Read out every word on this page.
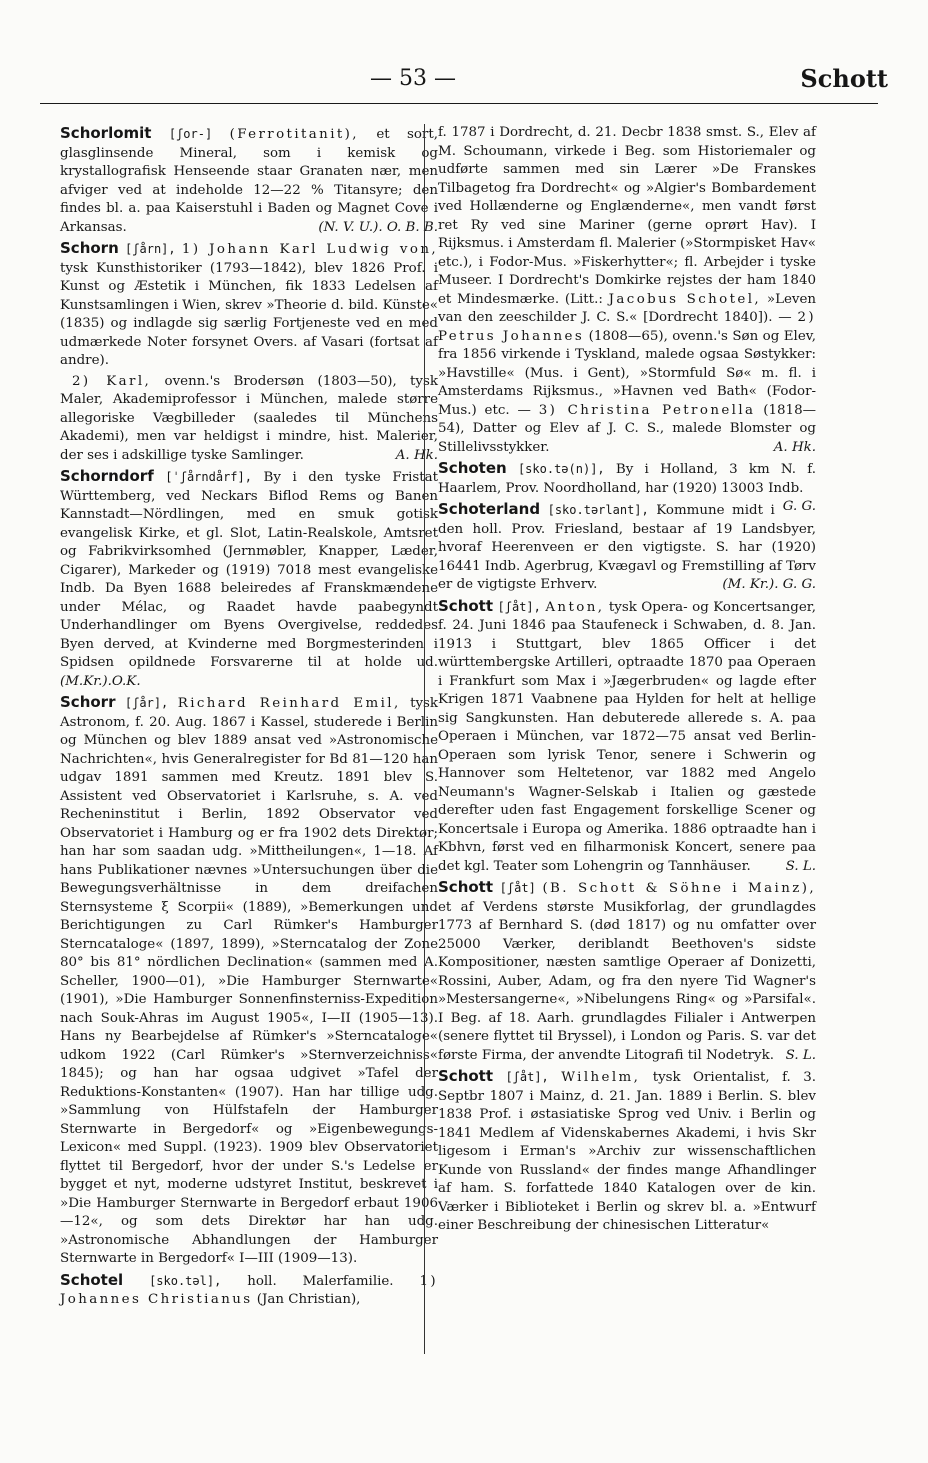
— 53 —	Schott

Schorlomit [ʃor-] (Ferrotitanit), et sort, glasglinsende Mineral, som i kemisk og krystallografisk Henseende staar Granaten nær, men afviger ved at indeholde 12—22 % Titansyre; den findes bl. a. paa Kaiserstuhl i Baden og Magnet Cove i Arkansas.	(N. V. U.). O. B. B.

Schorn [ʃårn], 1) Johann Karl Ludwig von, tysk Kunsthistoriker (1793—1842), blev 1826 Prof. i Kunst og Æstetik i München, fik 1833 Ledelsen af Kunstsamlingen i Wien, skrev »Theorie d. bild. Künste« (1835) og indlagde sig særlig Fortjeneste ved en med udmærkede Noter forsynet Overs. af Vasari (fortsat af andre).

2) Karl, ovenn.'s Brodersøn (1803—50), tysk Maler, Akademiprofessor i München, malede større allegoriske Vægbilleder (saaledes til Münchens Akademi), men var heldigst i mindre, hist. Malerier, der ses i adskillige tyske Samlinger.	A. Hk.

Schorndorf [ˈʃårndårf], By i den tyske Fristat Württemberg, ved Neckars Biflod Rems og Banen Kannstadt—Nördlingen, med en smuk gotisk evangelisk Kirke, et gl. Slot, Latin-Realskole, Amtsret og Fabrikvirksomhed (Jernmøbler, Knapper, Læder, Cigarer), Markeder og (1919) 7018 mest evangeliske Indb. Da Byen 1688 beleiredes af Franskmændene under Mélac, og Raadet havde paabegyndt Underhandlinger om Byens Overgivelse, reddedes Byen derved, at Kvinderne med Borgmesterinden i Spidsen opildnede Forsvarerne til at holde ud. (M.Kr.).O.K.

Schorr [ʃår], Richard Reinhard Emil, tysk Astronom, f. 20. Aug. 1867 i Kassel, studerede i Berlin og München og blev 1889 ansat ved »Astronomische Nachrichten«, hvis Generalregister for Bd 81—120 han udgav 1891 sammen med Kreutz. 1891 blev S. Assistent ved Observatoriet i Karlsruhe, s. A. ved Recheninstitut i Berlin, 1892 Observator ved Observatoriet i Hamburg og er fra 1902 dets Direktør; han har som saadan udg. »Mittheilungen«, 1—18. Af hans Publikationer nævnes »Untersuchungen über die Bewegungsverhältnisse in dem dreifachen Sternsysteme ξ Scorpii« (1889), »Bemerkungen und Berichtigungen zu Carl Rümker's Hamburger Sterncataloge« (1897, 1899), »Sterncatalog der Zone 80° bis 81° nördlichen Declination« (sammen med A. Scheller, 1900—01), »Die Hamburger Sternwarte« (1901), »Die Hamburger Sonnenfinsterniss-Expedition nach Souk-Ahras im August 1905«, I—II (1905—13). Hans ny Bearbejdelse af Rümker's »Sterncataloge« udkom 1922 (Carl Rümker's »Sternverzeichniss« 1845); og han har ogsaa udgivet »Tafel der Reduktions-Konstanten« (1907). Han har tillige udg. »Sammlung von Hülfstafeln der Hamburger Sternwarte in Bergedorf« og »Eigenbewegungs-Lexicon« med Suppl. (1923). 1909 blev Observatoriet flyttet til Bergedorf, hvor der under S.'s Ledelse er bygget et nyt, moderne udstyret Institut, beskrevet i »Die Hamburger Sternwarte in Bergedorf erbaut 1906—12«, og som dets Direktør har han udg. »Astronomische Abhandlungen der Hamburger Sternwarte in Bergedorf« I—III (1909—13).

Schotel [sko.təl], holl. Malerfamilie. 1) Johannes Christianus (Jan Christian),

f. 1787 i Dordrecht, d. 21. Decbr 1838 smst. S., Elev af M. Schoumann, virkede i Beg. som Historiemaler og udførte sammen med sin Lærer »De Franskes Tilbagetog fra Dordrecht« og »Algier's Bombardement ved Hollænderne og Englænderne«, men vandt først ret Ry ved sine Mariner (gerne oprørt Hav). I Rijksmus. i Amsterdam fl. Malerier (»Stormpisket Hav« etc.), i Fodor-Mus. »Fiskerhytter«; fl. Arbejder i tyske Museer. I Dordrecht's Domkirke rejstes der ham 1840 et Mindesmærke. (Litt.: Jacobus Schotel, »Leven van den zeeschilder J. C. S.« [Dordrecht 1840]). — 2) Petrus Johannes (1808—65), ovenn.'s Søn og Elev, fra 1856 virkende i Tyskland, malede ogsaa Søstykker: »Havstille« (Mus. i Gent), »Stormfuld Sø« m. fl. i Amsterdams Rijksmus., »Havnen ved Bath« (Fodor-Mus.) etc. — 3) Christina Petronella (1818—54), Datter og Elev af J. C. S., malede Blomster og Stillelivsstykker.	A. Hk.

Schoten [sko.tə(n)], By i Holland, 3 km N. f. Haarlem, Prov. Noordholland, har (1920) 13003 Indb.
G. G.

Schoterland [sko.tərlant], Kommune midt i den holl. Prov. Friesland, bestaar af 19 Landsbyer, hvoraf Heerenveen er den vigtigste. S. har (1920) 16441 Indb. Agerbrug, Kvægavl og Fremstilling af Tørv er de vigtigste Erhverv.	(M. Kr.). G. G.

Schott [ʃåt], Anton, tysk Opera- og Koncertsanger, f. 24. Juni 1846 paa Staufeneck i Schwaben, d. 8. Jan. 1913 i Stuttgart, blev 1865 Officer i det württembergske Artilleri, optraadte 1870 paa Operaen i Frankfurt som Max i »Jægerbruden« og lagde efter Krigen 1871 Vaabnene paa Hylden for helt at hellige sig Sangkunsten. Han debuterede allerede s. A. paa Operaen i München, var 1872—75 ansat ved Berlin-Operaen som lyrisk Tenor, senere i Schwerin og Hannover som Heltetenor, var 1882 med Angelo Neumann's Wagner-Selskab i Italien og gæstede derefter uden fast Engagement forskellige Scener og Koncertsale i Europa og Amerika. 1886 optraadte han i Kbhvn, først ved en filharmonisk Koncert, senere paa det kgl. Teater som Lohengrin og Tannhäuser.	S. L.

Schott [ʃåt] (B. Schott & Söhne i Mainz), et af Verdens største Musikforlag, der grundlagdes 1773 af Bernhard S. (død 1817) og nu omfatter over 25000 Værker, deriblandt Beethoven's sidste Kompositioner, næsten samtlige Operaer af Donizetti, Rossini, Auber, Adam, og fra den nyere Tid Wagner's »Mestersangerne«, »Nibelungens Ring« og »Parsifal«. I Beg. af 18. Aarh. grundlagdes Filialer i Antwerpen (senere flyttet til Bryssel), i London og Paris. S. var det første Firma, der anvendte Litografi til Nodetryk. S. L.

Schott [ʃåt], Wilhelm, tysk Orientalist, f. 3. Septbr 1807 i Mainz, d. 21. Jan. 1889 i Berlin. S. blev 1838 Prof. i østasiatiske Sprog ved Univ. i Berlin og 1841 Medlem af Videnskabernes Akademi, i hvis Skr ligesom i Erman's »Archiv zur wissenschaftlichen Kunde von Russland« der findes mange Afhandlinger af ham. S. forfattede 1840 Katalogen over de kin. Værker i Biblioteket i Berlin og skrev bl. a. »Entwurf einer Beschreibung der chinesischen Litteratur«
